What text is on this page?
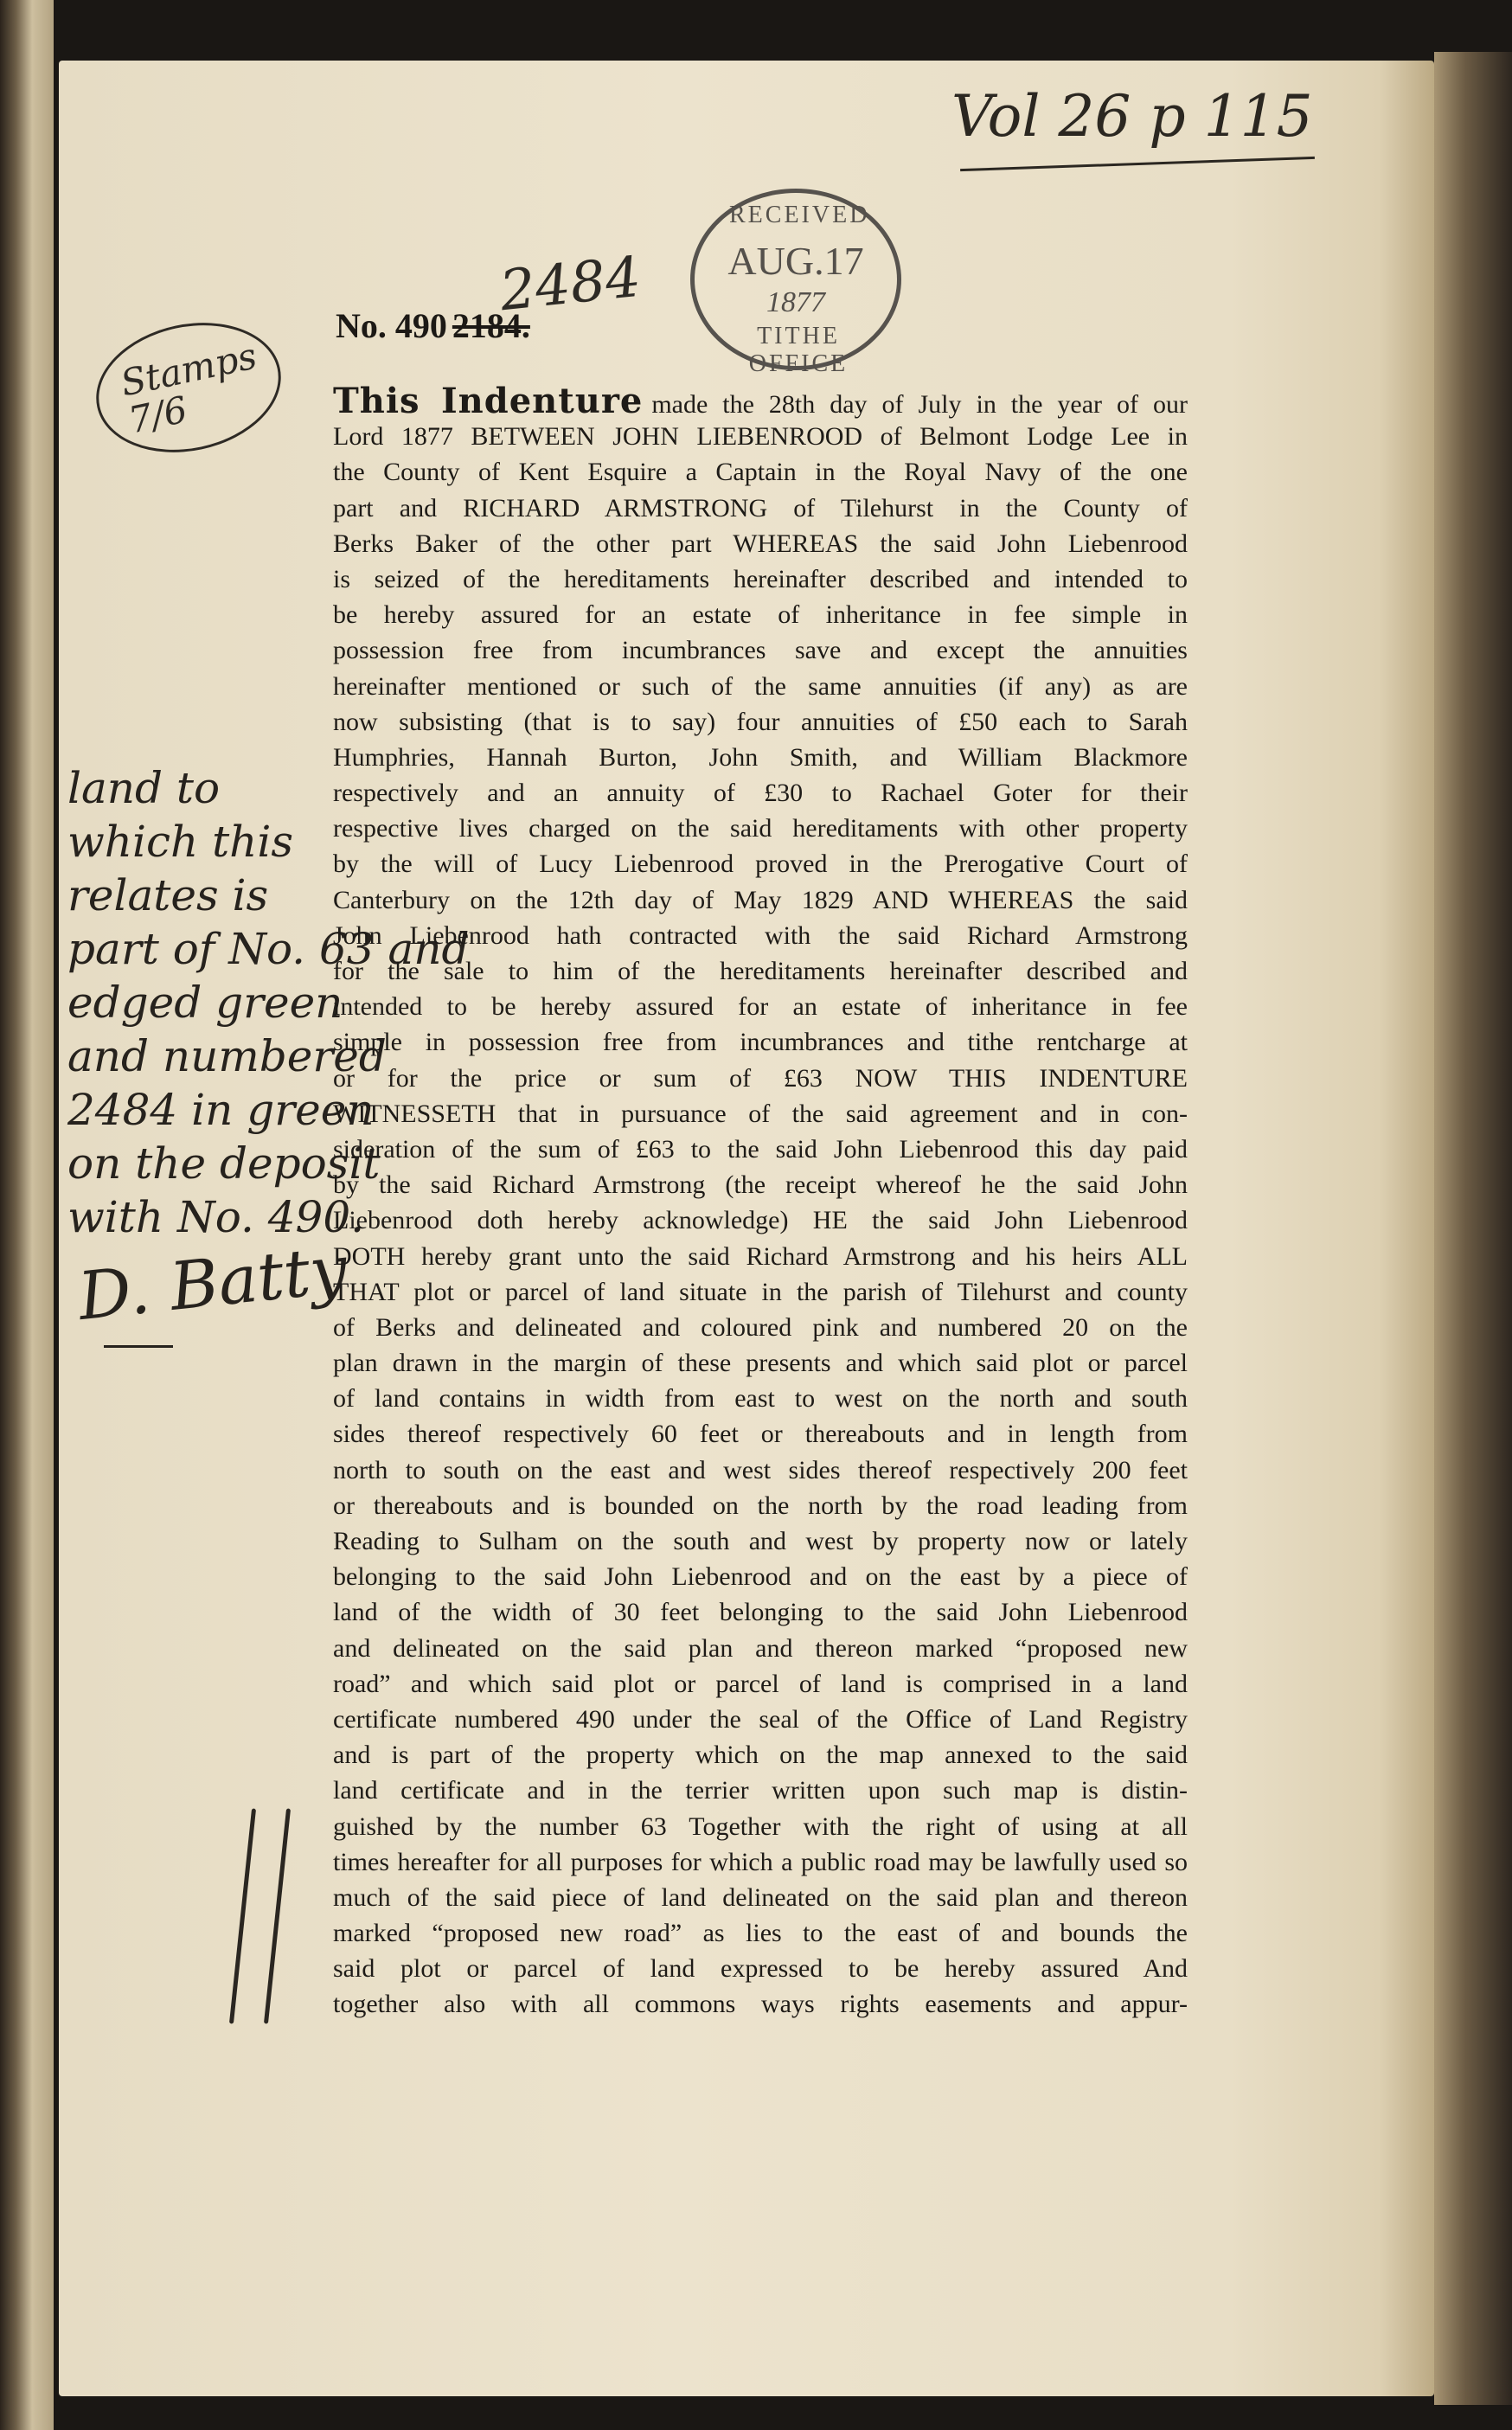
Vol 26 p 115
RECEIVED
AUG.17
1877
TITHE OFFICE
2484
No. 490 2184.
Stamps 7/6
land to
which this
relates is
part of No. 63 and
edged green
and numbered
2484 in green
on the deposit
with No. 490.
D. Batty
This Indenture made the 28th day of July in the year of our
Lord 1877 BETWEEN JOHN LIEBENROOD of Belmont Lodge Lee in
the County of Kent Esquire a Captain in the Royal Navy of the one
part and RICHARD ARMSTRONG of Tilehurst in the County of
Berks Baker of the other part WHEREAS the said John Liebenrood
is seized of the hereditaments hereinafter described and intended to
be hereby assured for an estate of inheritance in fee simple in
possession free from incumbrances save and except the annuities
hereinafter mentioned or such of the same annuities (if any) as are
now subsisting (that is to say) four annuities of £50 each to Sarah
Humphries, Hannah Burton, John Smith, and William Blackmore
respectively and an annuity of £30 to Rachael Goter for their
respective lives charged on the said hereditaments with other property
by the will of Lucy Liebenrood proved in the Prerogative Court of
Canterbury on the 12th day of May 1829 AND WHEREAS the said
John Liebenrood hath contracted with the said Richard Armstrong
for the sale to him of the hereditaments hereinafter described and
intended to be hereby assured for an estate of inheritance in fee
simple in possession free from incumbrances and tithe rentcharge at
or for the price or sum of £63 NOW THIS INDENTURE
WITNESSETH that in pursuance of the said agreement and in con-
sideration of the sum of £63 to the said John Liebenrood this day paid
by the said Richard Armstrong (the receipt whereof he the said John
Liebenrood doth hereby acknowledge) HE the said John Liebenrood
DOTH hereby grant unto the said Richard Armstrong and his heirs ALL
THAT plot or parcel of land situate in the parish of Tilehurst and county
of Berks and delineated and coloured pink and numbered 20 on the
plan drawn in the margin of these presents and which said plot or parcel
of land contains in width from east to west on the north and south
sides thereof respectively 60 feet or thereabouts and in length from
north to south on the east and west sides thereof respectively 200 feet
or thereabouts and is bounded on the north by the road leading from
Reading to Sulham on the south and west by property now or lately
belonging to the said John Liebenrood and on the east by a piece of
land of the width of 30 feet belonging to the said John Liebenrood
and delineated on the said plan and thereon marked “proposed new
road” and which said plot or parcel of land is comprised in a land
certificate numbered 490 under the seal of the Office of Land Registry
and is part of the property which on the map annexed to the said
land certificate and in the terrier written upon such map is distin-
guished by the number 63 Together with the right of using at all
times hereafter for all purposes for which a public road may be lawfully used so
much of the said piece of land delineated on the said plan and thereon
marked “proposed new road” as lies to the east of and bounds the
said plot or parcel of land expressed to be hereby assured And
together also with all commons ways rights easements and appur-
